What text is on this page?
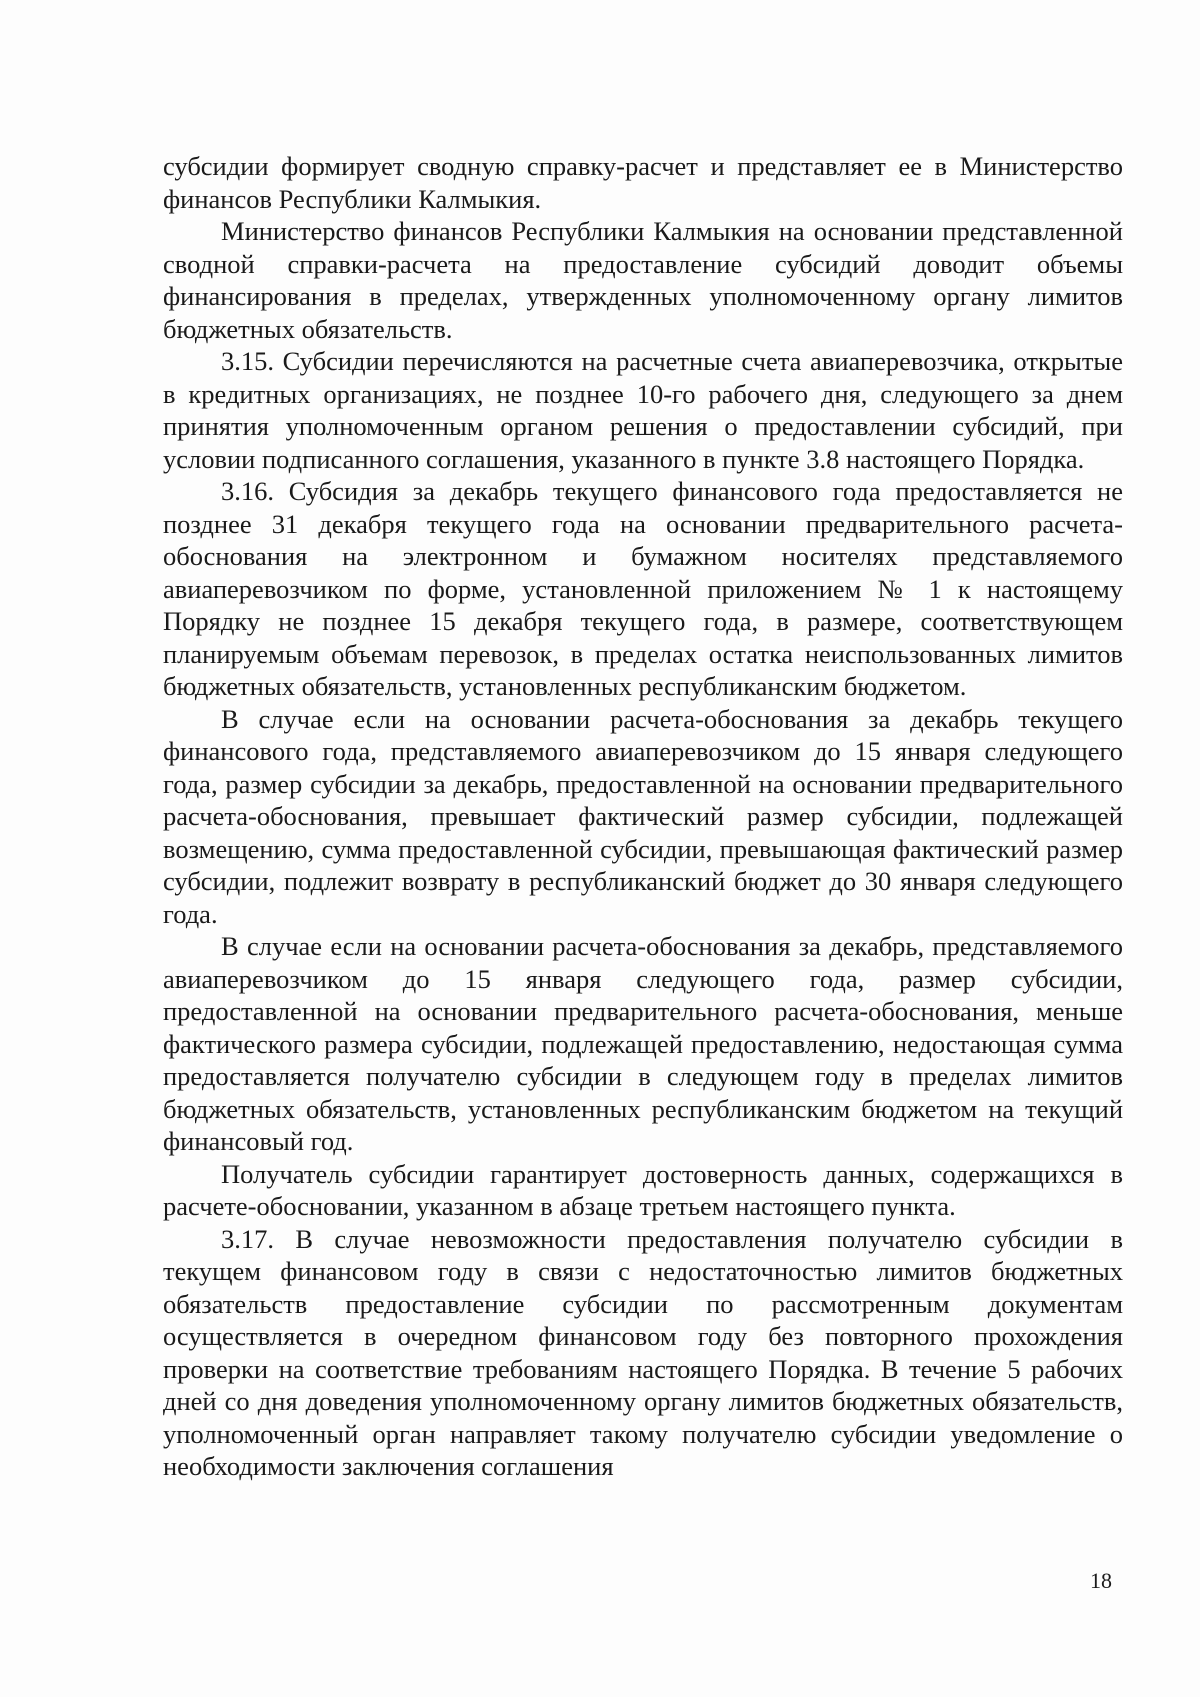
субсидии формирует сводную справку-расчет и представляет ее в Министерство финансов Республики Калмыкия.

Министерство финансов Республики Калмыкия на основании представленной сводной справки-расчета на предоставление субсидий доводит объемы финансирования в пределах, утвержденных уполномоченному органу лимитов бюджетных обязательств.

3.15. Субсидии перечисляются на расчетные счета авиаперевозчика, открытые в кредитных организациях, не позднее 10-го рабочего дня, следующего за днем принятия уполномоченным органом решения о предоставлении субсидий, при условии подписанного соглашения, указанного в пункте 3.8 настоящего Порядка.

3.16. Субсидия за декабрь текущего финансового года предоставляется не позднее 31 декабря текущего года на основании предварительного расчета-обоснования на электронном и бумажном носителях представляемого авиаперевозчиком по форме, установленной приложением № 1 к настоящему Порядку не позднее 15 декабря текущего года, в размере, соответствующем планируемым объемам перевозок, в пределах остатка неиспользованных лимитов бюджетных обязательств, установленных республиканским бюджетом.

В случае если на основании расчета-обоснования за декабрь текущего финансового года, представляемого авиаперевозчиком до 15 января следующего года, размер субсидии за декабрь, предоставленной на основании предварительного расчета-обоснования, превышает фактический размер субсидии, подлежащей возмещению, сумма предоставленной субсидии, превышающая фактический размер субсидии, подлежит возврату в республиканский бюджет до 30 января следующего года.

В случае если на основании расчета-обоснования за декабрь, представляемого авиаперевозчиком до 15 января следующего года, размер субсидии, предоставленной на основании предварительного расчета-обоснования, меньше фактического размера субсидии, подлежащей предоставлению, недостающая сумма предоставляется получателю субсидии в следующем году в пределах лимитов бюджетных обязательств, установленных республиканским бюджетом на текущий финансовый год.

Получатель субсидии гарантирует достоверность данных, содержащихся в расчете-обосновании, указанном в абзаце третьем настоящего пункта.

3.17. В случае невозможности предоставления получателю субсидии в текущем финансовом году в связи с недостаточностью лимитов бюджетных обязательств предоставление субсидии по рассмотренным документам осуществляется в очередном финансовом году без повторного прохождения проверки на соответствие требованиям настоящего Порядка. В течение 5 рабочих дней со дня доведения уполномоченному органу лимитов бюджетных обязательств, уполномоченный орган направляет такому получателю субсидии уведомление о необходимости заключения соглашения

18
